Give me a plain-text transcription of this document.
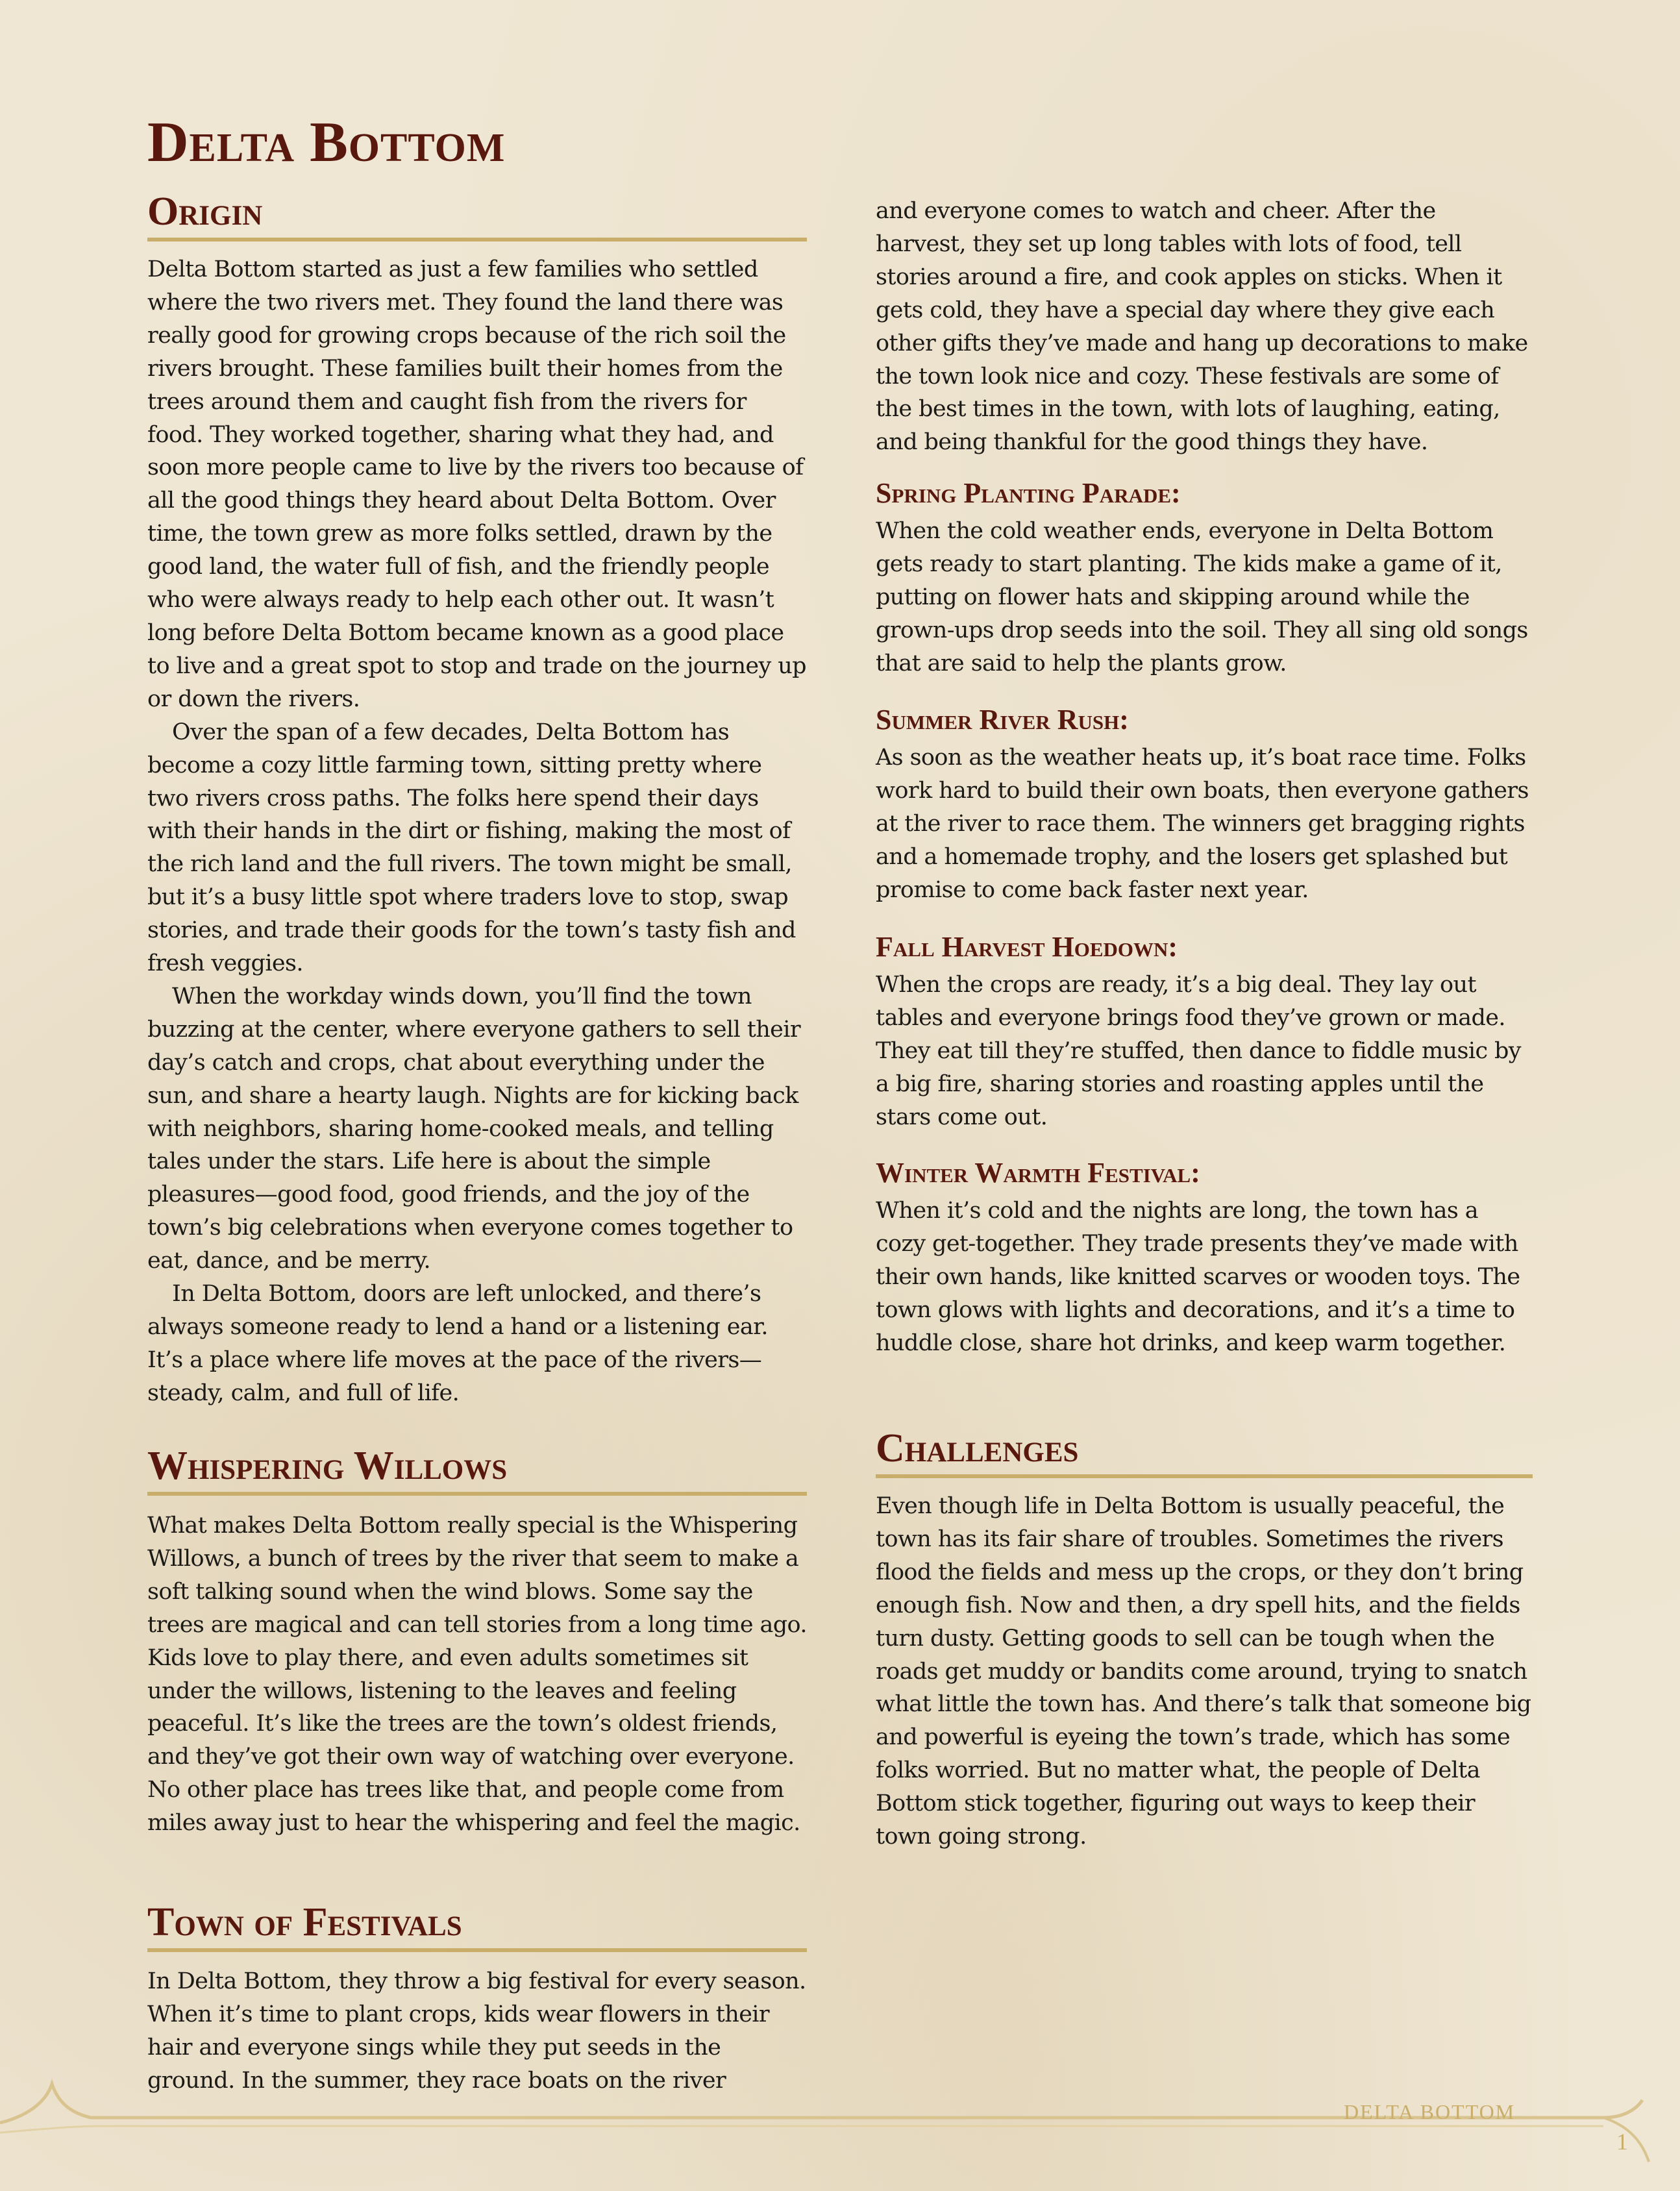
Delta Bottom
Origin

Delta Bottom started as just a few families who settled where the two rivers met. They found the land there was really good for growing crops because of the rich soil the rivers brought. These families built their homes from the trees around them and caught fish from the rivers for food. They worked together, sharing what they had, and soon more people came to live by the rivers too because of all the good things they heard about Delta Bottom. Over time, the town grew as more folks settled, drawn by the good land, the water full of fish, and the friendly people who were always ready to help each other out. It wasn’t long before Delta Bottom became known as a good place to live and a great spot to stop and trade on the journey up or down the rivers.

Over the span of a few decades, Delta Bottom has become a cozy little farming town, sitting pretty where two rivers cross paths. The folks here spend their days with their hands in the dirt or fishing, making the most of the rich land and the full rivers. The town might be small, but it’s a busy little spot where traders love to stop, swap stories, and trade their goods for the town’s tasty fish and fresh veggies.

When the workday winds down, you’ll find the town buzzing at the center, where everyone gathers to sell their day’s catch and crops, chat about everything under the sun, and share a hearty laugh. Nights are for kicking back with neighbors, sharing home-cooked meals, and telling tales under the stars. Life here is about the simple pleasures—good food, good friends, and the joy of the town’s big celebrations when everyone comes together to eat, dance, and be merry.

In Delta Bottom, doors are left unlocked, and there’s always someone ready to lend a hand or a listening ear. It’s a place where life moves at the pace of the rivers—steady, calm, and full of life.

Whispering Willows

What makes Delta Bottom really special is the Whispering Willows, a bunch of trees by the river that seem to make a soft talking sound when the wind blows. Some say the trees are magical and can tell stories from a long time ago. Kids love to play there, and even adults sometimes sit under the willows, listening to the leaves and feeling peaceful. It’s like the trees are the town’s oldest friends, and they’ve got their own way of watching over everyone. No other place has trees like that, and people come from miles away just to hear the whispering and feel the magic.

Town of Festivals

In Delta Bottom, they throw a big festival for every season. When it’s time to plant crops, kids wear flowers in their hair and everyone sings while they put seeds in the ground. In the summer, they race boats on the river

and everyone comes to watch and cheer. After the harvest, they set up long tables with lots of food, tell stories around a fire, and cook apples on sticks. When it gets cold, they have a special day where they give each other gifts they’ve made and hang up decorations to make the town look nice and cozy. These festivals are some of the best times in the town, with lots of laughing, eating, and being thankful for the good things they have.

Spring Planting Parade:

When the cold weather ends, everyone in Delta Bottom gets ready to start planting. The kids make a game of it, putting on flower hats and skipping around while the grown-ups drop seeds into the soil. They all sing old songs that are said to help the plants grow.

Summer River Rush:

As soon as the weather heats up, it’s boat race time. Folks work hard to build their own boats, then everyone gathers at the river to race them. The winners get bragging rights and a homemade trophy, and the losers get splashed but promise to come back faster next year.

Fall Harvest Hoedown:

When the crops are ready, it’s a big deal. They lay out tables and everyone brings food they’ve grown or made. They eat till they’re stuffed, then dance to fiddle music by a big fire, sharing stories and roasting apples until the stars come out.

Winter Warmth Festival:

When it’s cold and the nights are long, the town has a cozy get-together. They trade presents they’ve made with their own hands, like knitted scarves or wooden toys. The town glows with lights and decorations, and it’s a time to huddle close, share hot drinks, and keep warm together.

Challenges

Even though life in Delta Bottom is usually peaceful, the town has its fair share of troubles. Sometimes the rivers flood the fields and mess up the crops, or they don’t bring enough fish. Now and then, a dry spell hits, and the fields turn dusty. Getting goods to sell can be tough when the roads get muddy or bandits come around, trying to snatch what little the town has. And there’s talk that someone big and powerful is eyeing the town’s trade, which has some folks worried. But no matter what, the people of Delta Bottom stick together, figuring out ways to keep their town going strong.

DELTA BOTTOM
1
